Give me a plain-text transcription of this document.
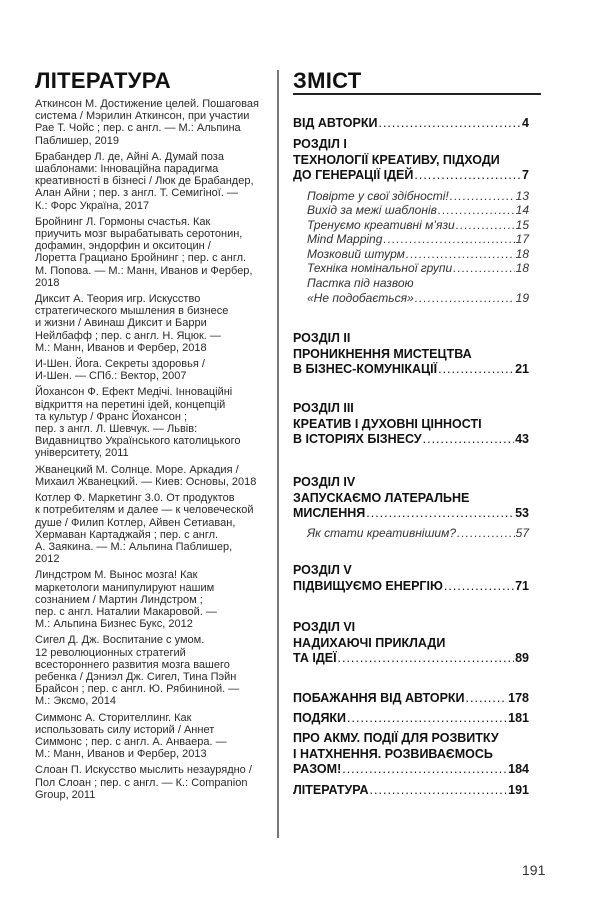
ЛІТЕРАТУРА
Аткинсон М. Достижение целей. Пошаговая
система / Мэрилин Аткинсон, при участии
Рае Т. Чойс ; пер. с англ. — М.: Альпина
Паблишер, 2019
Брабандер Л. де, Айні А. Думай поза
шаблонами: Інноваційна парадигма
креативності в бізнесі / Люк де Брабандер,
Алан Айни ; пер. з англ. Т. Семигіної. —
К.: Форс Україна, 2017
Бройнинг Л. Гормоны счастья. Как
приучить мозг вырабатывать серотонин,
дофамин, эндорфин и окситоцин /
Лоретта Грациано Бройнинг ; пер. с англ.
М. Попова. — М.: Манн, Иванов и Фербер,
2018
Диксит А. Теория игр. Искусство
стратегического мышления в бизнесе
и жизни / Авинаш Диксит и Барри
Нейлбафф ; пер. с англ. Н. Яцюк. —
М.: Манн, Иванов и Фербер, 2018
И-Шен. Йога. Секреты здоровья /
И-Шен. — СПб.: Вектор, 2007
Йохансон Ф. Ефект Медічі. Інноваційні
відкриття на перетині ідей, концепцій
та культур / Франс Йохансон ;
пер. з англ. Л. Шевчук. — Львів:
Видавництво Українського католицького
університету, 2011
Жванецкий М. Солнце. Море. Аркадия /
Михаил Жванецкий. — Киев: Основы, 2018
Котлер Ф. Маркетинг 3.0. От продуктов
к потребителям и далее — к человеческой
душе / Филип Котлер, Айвен Сетиаван,
Хермаван Картаджайя ; пер. с англ.
А. Заякина. — М.: Альпина Паблишер,
2012
Линдстром М. Вынос мозга! Как
маркетологи манипулируют нашим
сознанием / Мартин Линдстром ;
пер. с англ. Наталии Макаровой. —
М.: Альпина Бизнес Букс, 2012
Сигел Д. Дж. Воспитание с умом.
12 революционных стратегий
всестороннего развития мозга вашего
ребенка / Дэниэл Дж. Сигел, Тина Пэйн
Брайсон ; пер. с англ. Ю. Рябининой. —
М.: Эксмо, 2014
Симмонс А. Сторителлинг. Как
использовать силу историй / Аннет
Симмонс ; пер. с англ. А. Анваера. —
М.: Манн, Иванов и Фербер, 2013
Слоан П. Искусство мыслить незаурядно /
Пол Слоан ; пер. с англ. — К.: Companion
Group, 2011
ЗМІСТ
ВІД АВТОРКИ .....	4
РОЗДІЛ І
ТЕХНОЛОГІЇ КРЕАТИВУ, ПІДХОДИ
ДО ГЕНЕРАЦІЇ ІДЕЙ .....	7
Повірте у свої здібності! .....	13
Вихід за межі шаблонів .....	14
Тренуємо креативні м’язи .....	15
Mind Mapping .....	17
Мозковий штурм .....	18
Техніка номінальної групи .....	18
Пастка під назвою
«Не подобається» .....	19
РОЗДІЛ ІІ
ПРОНИКНЕННЯ МИСТЕЦТВА
В БІЗНЕС-КОМУНІКАЦІЇ .....	21
РОЗДІЛ ІІІ
КРЕАТИВ І ДУХОВНІ ЦІННОСТІ
В ІСТОРІЯХ БІЗНЕСУ .....	43
РОЗДІЛ IV
ЗАПУСКАЄМО ЛАТЕРАЛЬНЕ
МИСЛЕННЯ .....	53
Як стати креативнішим? .....	57
РОЗДІЛ V
ПІДВИЩУЄМО ЕНЕРГІЮ .....	71
РОЗДІЛ VI
НАДИХАЮЧІ ПРИКЛАДИ
ТА ІДЕЇ .....	89
ПОБАЖАННЯ ВІД АВТОРКИ .....	178
ПОДЯКИ .....	181
ПРО АКМУ. ПОДІЇ ДЛЯ РОЗВИТКУ
І НАТХНЕННЯ. РОЗВИВАЄМОСЬ
РАЗОМ! .....	184
ЛІТЕРАТУРА .....	191
191
